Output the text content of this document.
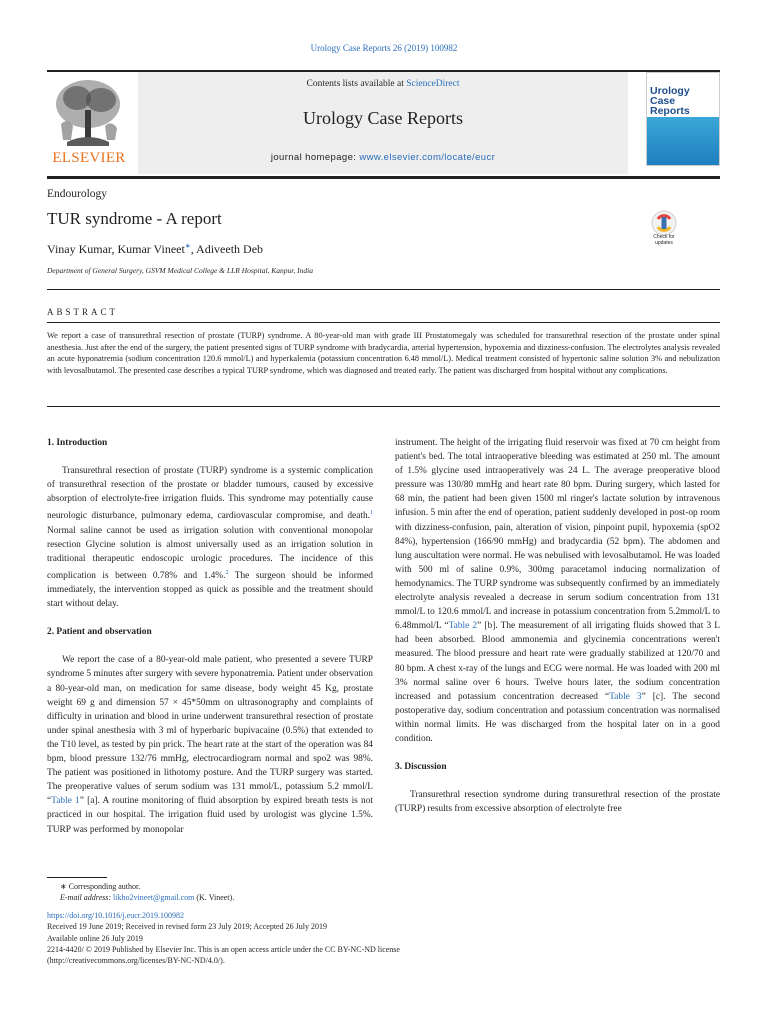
Urology Case Reports 26 (2019) 100982
ELSEVIER
Contents lists available at ScienceDirect
Urology Case Reports
journal homepage: www.elsevier.com/locate/eucr
Urology
Case
Reports
Endourology
TUR syndrome - A report
Vinay Kumar, Kumar Vineet∗, Adiveeth Deb
Department of General Surgery, GSVM Medical College & LLR Hospital, Kanpur, India
Check for updates
ABSTRACT
We report a case of transurethral resection of prostate (TURP) syndrome. A 80-year-old man with grade III Prostatomegaly was scheduled for transurethral resection of the prostate under spinal anesthesia. Just after the end of the surgery, the patient presented signs of TURP syndrome with bradycardia, arterial hypertension, hypoxemia and dizziness-confusion. The electrolytes analysis revealed an acute hyponatremia (sodium concentration 120.6 mmol/L) and hyperkalemia (potassium concentration 6.48 mmol/L). Medical treatment consisted of hypertonic saline solution 3% and nebulization with levosalbutamol. The presented case describes a typical TURP syndrome, which was diagnosed and treated early. The patient was discharged from hospital without any complications.
1. Introduction

Transurethral resection of prostate (TURP) syndrome is a systemic complication of transurethral resection of the prostate or bladder tumours, caused by excessive absorption of electrolyte-free irrigation fluids. This syndrome may potentially cause neurologic disturbance, pulmonary edema, cardiovascular compromise, and death.$^1$ Normal saline cannot be used as irrigation solution with conventional monopolar resection Glycine solution is almost universally used as an irrigation solution in traditional therapeutic endoscopic urologic procedures. The incidence of this complication is between 0.78% and 1.4%.$^2$ The surgeon should be informed immediately, the intervention stopped as quick as possible and the treatment should start without delay.

2. Patient and observation

We report the case of a 80-year-old male patient, who presented a severe TURP syndrome 5 minutes after surgery with severe hyponatremia. Patient under observation a 80-year-old man, on medication for same disease, body weight 45 Kg, prostate weight 69 g and dimension 57 × 45*50mm on ultrasonography and complaints of difficulty in urination and blood in urine underwent transurethral resection of prostate under spinal anesthesia with 3 ml of hyperbaric bupivacaine (0.5%) that extended to the T10 level, as tested by pin prick. The heart rate at the start of the operation was 84 bpm, blood pressure 132/76 mmHg, electrocardiogram normal and spo2 was 98%. The patient was positioned in lithotomy posture. And the TURP surgery was started. The preoperative values of serum sodium was 131 mmol/L, potassium 5.2 mmol/L “Table 1” [a]. A routine monitoring of fluid absorption by expired breath tests is not practiced in our hospital. The irrigation fluid used by urologist was glycine 1.5%. TURP was performed by monopolar

instrument. The height of the irrigating fluid reservoir was fixed at 70 cm height from patient's bed. The total intraoperative bleeding was estimated at 250 ml. The amount of 1.5% glycine used intraoperatively was 24 L. The average preoperative blood pressure was 130/80 mmHg and heart rate 80 bpm. During surgery, which lasted for 68 min, the patient had been given 1500 ml ringer's lactate solution by intravenous infusion. 5 min after the end of operation, patient suddenly developed in post-op room with dizziness-confusion, pain, alteration of vision, pinpoint pupil, hypoxemia (spO2 84%), hypertension (166/90 mmHg) and bradycardia (52 bpm). The abdomen and lung auscultation were normal. He was nebulised with levosalbutamol. He was loaded with 500 ml of saline 0.9%, 300mg paracetamol inducing normalization of hemodynamics. The TURP syndrome was subsequently confirmed by an immediately electrolyte analysis revealed a decrease in serum sodium concentration from 131 mmol/L to 120.6 mmol/L and increase in potassium concentration from 5.2mmol/L to 6.48mmol/L “Table 2” [b]. The measurement of all irrigating fluids showed that 3 L had been absorbed. Blood ammonemia and glycinemia concentrations weren't measured. The blood pressure and heart rate were gradually stabilized at 120/70 and 80 bpm. A chest x-ray of the lungs and ECG were normal. He was loaded with 200 ml 3% normal saline over 6 hours. Twelve hours later, the sodium concentration increased and potassium concentration decreased “Table 3” [c]. The second postoperative day, sodium concentration and potassium concentration was normalised within normal limits. He was discharged from the hospital later on in a good condition.

3. Discussion

Transurethral resection syndrome during transurethral resection of the prostate (TURP) results from excessive absorption of electrolyte free

∗ Corresponding author.
E-mail address: likho2vineet@gmail.com (K. Vineet).
https://doi.org/10.1016/j.eucr.2019.100982
Received 19 June 2019; Received in revised form 23 July 2019; Accepted 26 July 2019
Available online 26 July 2019
2214-4420/ © 2019 Published by Elsevier Inc. This is an open access article under the CC BY-NC-ND license
(http://creativecommons.org/licenses/BY-NC-ND/4.0/).
